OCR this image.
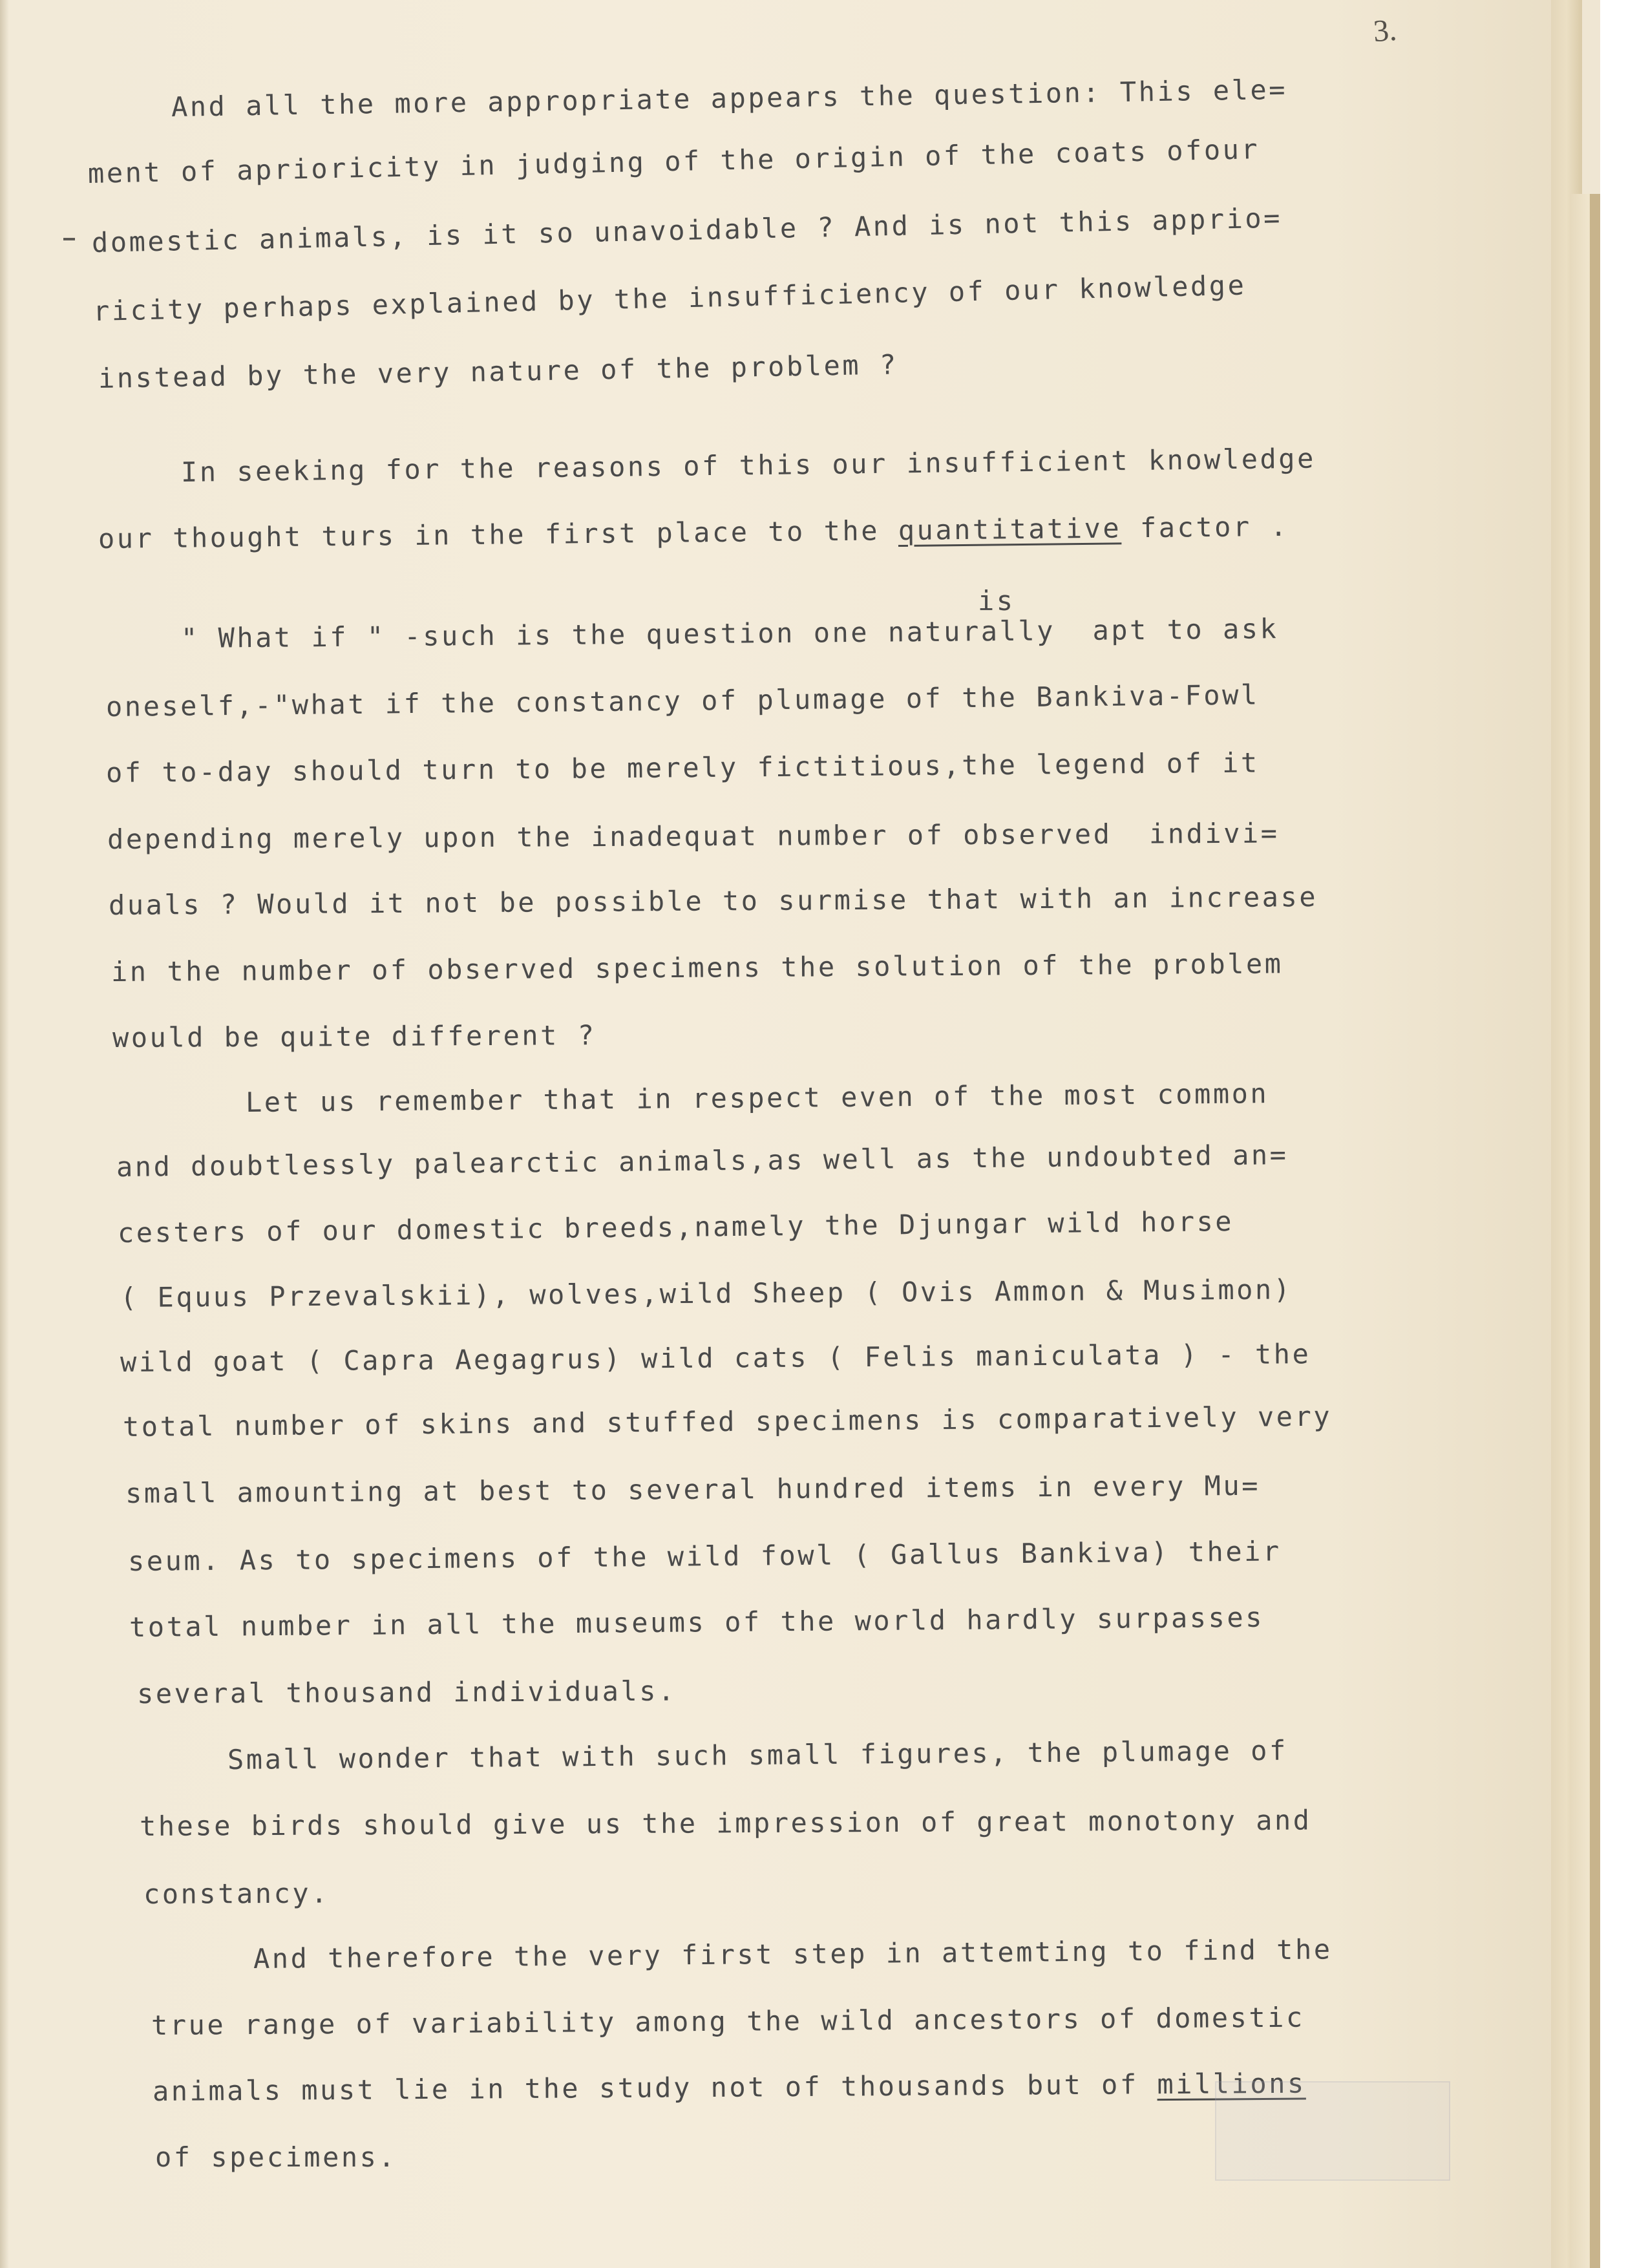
3.
And all the more appropriate appears the question: This ele=
ment of aprioricity in judging of the origin of the coats ofour
domestic animals, is it so unavoidable ? And is not this apprio=
ricity perhaps explained by the insufficiency of our knowledge
instead by the very nature of the problem ?
In seeking for the reasons of this our insufficient knowledge
our thought turs in the first place to the quantitative factor .
is
" What if " -such is the question one naturally  apt to ask
oneself,-"what if the constancy of plumage of the Bankiva-Fowl
of to-day should turn to be merely fictitious,the legend of it
depending merely upon the inadequat number of observed  indivi=
duals ? Would it not be possible to surmise that with an increase
in the number of observed specimens the solution of the problem
would be quite different ?
Let us remember that in respect even of the most common
and doubtlessly palearctic animals,as well as the undoubted an=
cesters of our domestic breeds,namely the Djungar wild horse
( Equus Przevalskii), wolves,wild Sheep ( Ovis Ammon & Musimon)
wild goat ( Capra Aegagrus) wild cats ( Felis maniculata ) - the
total number of skins and stuffed specimens is comparatively very
small amounting at best to several hundred items in every Mu=
seum. As to specimens of the wild fowl ( Gallus Bankiva) their
total number in all the museums of the world hardly surpasses
several thousand individuals.
Small wonder that with such small figures, the plumage of
these birds should give us the impression of great monotony and
constancy.
And therefore the very first step in attemting to find the
true range of variability among the wild ancestors of domestic
animals must lie in the study not of thousands but of millions
of specimens.
